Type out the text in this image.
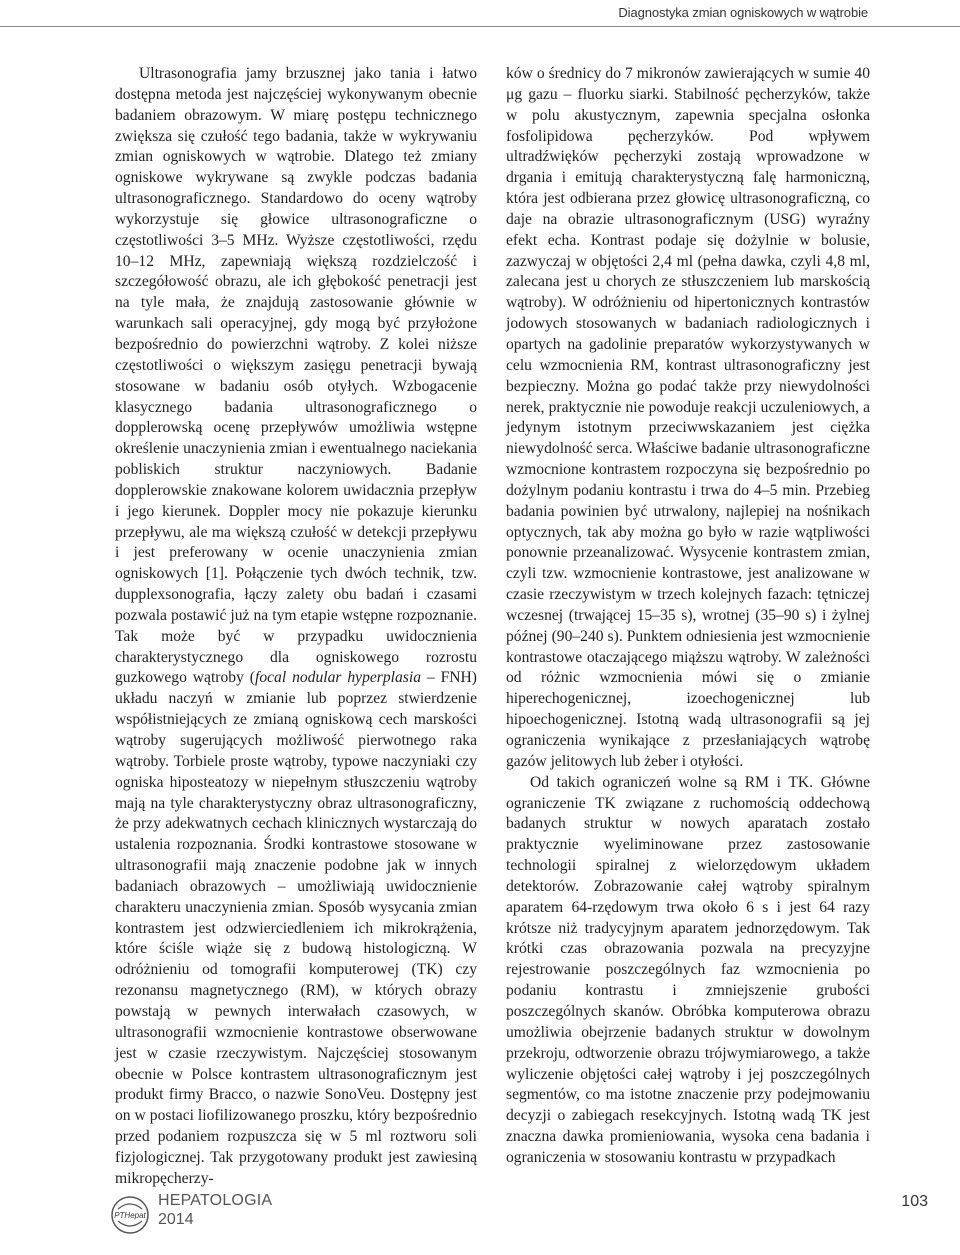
Diagnostyka zmian ogniskowych w wątrobie

Ultrasonografia jamy brzusznej jako tania i łatwo dostępna metoda jest najczęściej wykonywanym obecnie badaniem obrazowym. W miarę postępu technicznego zwiększa się czułość tego badania, także w wykrywaniu zmian ogniskowych w wątrobie. Dlatego też zmiany ogniskowe wykrywane są zwykle podczas badania ultrasonograficznego. Standardowo do oceny wątroby wykorzystuje się głowice ultrasonograficzne o częstotliwości 3–5 MHz. Wyższe częstotliwości, rzędu 10–12 MHz, zapewniają większą rozdzielczość i szczegółowość obrazu, ale ich głębokość penetracji jest na tyle mała, że znajdują zastosowanie głównie w warunkach sali operacyjnej, gdy mogą być przyłożone bezpośrednio do powierzchni wątroby. Z kolei niższe częstotliwości o większym zasięgu penetracji bywają stosowane w badaniu osób otyłych. Wzbogacenie klasycznego badania ultrasonograficznego o dopplerowską ocenę przepływów umożliwia wstępne określenie unaczynienia zmian i ewentualnego naciekania pobliskich struktur naczyniowych. Badanie dopplerowskie znakowane kolorem uwidacznia przepływ i jego kierunek. Doppler mocy nie pokazuje kierunku przepływu, ale ma większą czułość w detekcji przepływu i jest preferowany w ocenie unaczynienia zmian ogniskowych [1]. Połączenie tych dwóch technik, tzw. dupplexsonografia, łączy zalety obu badań i czasami pozwala postawić już na tym etapie wstępne rozpoznanie. Tak może być w przypadku uwidocznienia charakterystycznego dla ogniskowego rozrostu guzkowego wątroby (focal nodular hyperplasia – FNH) układu naczyń w zmianie lub poprzez stwierdzenie współistniejących ze zmianą ogniskową cech marskości wątroby sugerujących możliwość pierwotnego raka wątroby. Torbiele proste wątroby, typowe naczyniaki czy ogniska hiposteatozy w niepełnym stłuszczeniu wątroby mają na tyle charakterystyczny obraz ultrasonograficzny, że przy adekwatnych cechach klinicznych wystarczają do ustalenia rozpoznania. Środki kontrastowe stosowane w ultrasonografii mają znaczenie podobne jak w innych badaniach obrazowych – umożliwiają uwidocznienie charakteru unaczynienia zmian. Sposób wysycania zmian kontrastem jest odzwierciedleniem ich mikrokrążenia, które ściśle wiąże się z budową histologiczną. W odróżnieniu od tomografii komputerowej (TK) czy rezonansu magnetycznego (RM), w których obrazy powstają w pewnych interwałach czasowych, w ultrasonografii wzmocnienie kontrastowe obserwowane jest w czasie rzeczywistym. Najczęściej stosowanym obecnie w Polsce kontrastem ultrasonograficznym jest produkt firmy Bracco, o nazwie SonoVeu. Dostępny jest on w postaci liofilizowanego proszku, który bezpośrednio przed podaniem rozpuszcza się w 5 ml roztworu soli fizjologicznej. Tak przygotowany produkt jest zawiesiną mikropęcherzy-

ków o średnicy do 7 mikronów zawierających w sumie 40 μg gazu – fluorku siarki. Stabilność pęcherzyków, także w polu akustycznym, zapewnia specjalna osłonka fosfolipidowa pęcherzyków. Pod wpływem ultradźwięków pęcherzyki zostają wprowadzone w drgania i emitują charakterystyczną falę harmoniczną, która jest odbierana przez głowicę ultrasonograficzną, co daje na obrazie ultrasonograficznym (USG) wyraźny efekt echa. Kontrast podaje się dożylnie w bolusie, zazwyczaj w objętości 2,4 ml (pełna dawka, czyli 4,8 ml, zalecana jest u chorych ze stłuszczeniem lub marskością wątroby). W odróżnieniu od hipertonicznych kontrastów jodowych stosowanych w badaniach radiologicznych i opartych na gadolinie preparatów wykorzystywanych w celu wzmocnienia RM, kontrast ultrasonograficzny jest bezpieczny. Można go podać także przy niewydolności nerek, praktycznie nie powoduje reakcji uczuleniowych, a jedynym istotnym przeciwwskazaniem jest ciężka niewydolność serca. Właściwe badanie ultrasonograficzne wzmocnione kontrastem rozpoczyna się bezpośrednio po dożylnym podaniu kontrastu i trwa do 4–5 min. Przebieg badania powinien być utrwalony, najlepiej na nośnikach optycznych, tak aby można go było w razie wątpliwości ponownie przeanalizować. Wysycenie kontrastem zmian, czyli tzw. wzmocnienie kontrastowe, jest analizowane w czasie rzeczywistym w trzech kolejnych fazach: tętniczej wczesnej (trwającej 15–35 s), wrotnej (35–90 s) i żylnej późnej (90–240 s). Punktem odniesienia jest wzmocnienie kontrastowe otaczającego miąższu wątroby. W zależności od różnic wzmocnienia mówi się o zmianie hiperechogenicznej, izoechogenicznej lub hipoechogenicznej. Istotną wadą ultrasonografii są jej ograniczenia wynikające z przesłaniających wątrobę gazów jelitowych lub żeber i otyłości.

Od takich ograniczeń wolne są RM i TK. Główne ograniczenie TK związane z ruchomością oddechową badanych struktur w nowych aparatach zostało praktycznie wyeliminowane przez zastosowanie technologii spiralnej z wielorzędowym układem detektorów. Zobrazowanie całej wątroby spiralnym aparatem 64-rzędowym trwa około 6 s i jest 64 razy krótsze niż tradycyjnym aparatem jednorzędowym. Tak krótki czas obrazowania pozwala na precyzyjne rejestrowanie poszczególnych faz wzmocnienia po podaniu kontrastu i zmniejszenie grubości poszczególnych skanów. Obróbka komputerowa obrazu umożliwia obejrzenie badanych struktur w dowolnym przekroju, odtworzenie obrazu trójwymiarowego, a także wyliczenie objętości całej wątroby i jej poszczególnych segmentów, co ma istotne znaczenie przy podejmowaniu decyzji o zabiegach resekcyjnych. Istotną wadą TK jest znaczna dawka promieniowania, wysoka cena badania i ograniczenia w stosowaniu kontrastu w przypadkach

PTHepat
HEPATOLOGIA
2014
103
